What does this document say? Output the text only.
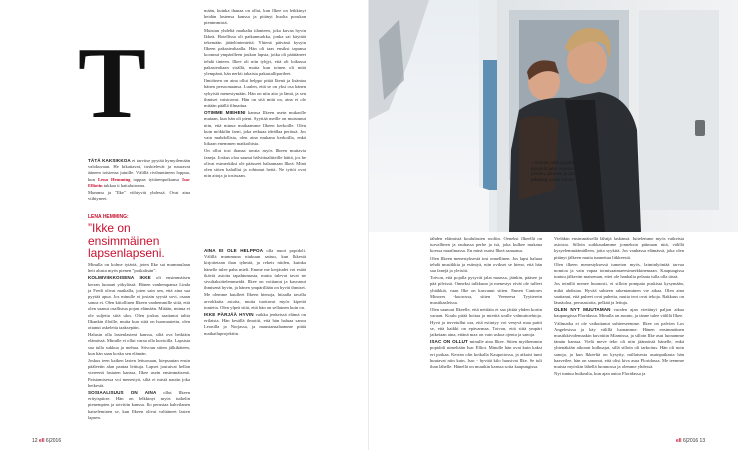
T

TÄTÄ KAKSIKKOA ei tarvitse pyytää hymyilemään valokuvaan. He kikattavat, tirskielevät ja nauravat ääneen toisiensa jutuille. Välillä rivihuntineen loppua, kun Lena Hemming tappaa tyttärenpoikansa Isac Elliotin tukkaa ti kaitaluiroma.

Mummu ja "Ilke" viihtyvät yhdessä. Ovat aina viihtyneet.

LENA HEMMING:
”Ikke on ensimmäinen lapsenlapseni.

Minulla on kolme tytärtä, joten Ilke sai mummulaan heti alusta myös pienen ”poikalisän”.

KOLMIVIIKKOISENA IKKE oli ensimmäisen kerran luonani yökylässä. Hänen vanhempansa Linda ja Fredi olivat matkalla, joten sain sen, että aina saa pyytää apua. Jos minulle ei jostain syystä sovi, osaan sanoa ei. Olen kiitollinen Ilkeen vanhemmille siitä, että olen saanut osallistua pojan elämään. Mitään, minua ei ole suljettu siitä ulos. Olen joskus saattanut taltta Ilkankin illoille, mutta kun siitä on huomautettu, olen ottanut askeleita taaksepäin.

Halusin olla lastenlasteni kanssa, siltä ova hetkiäin elämässä. Minulle ei ollut varaa olla kuvioilla. Lapsista saa tulla sukkua ja mehua. Siivoan sitten jälkikäteen, kun hän saan koska sen elämän.

Joskus teen kaiken lasten lettuosaan, kiepsautan ensin pääleetin alan pantaa letttuja. Lapset joutuivat hellan viereenti lastaten kanssa, Ilkee usein ensimmäisenä. Paistamisessa voi menestyä, siltä ei mistä nautin joka hetkestä.

SOSIAALISUUS ON AINA ollut Ilkeen erityispiirre. Hän on lelkkinyt myös tutkelin pienempien ja toivitiin kanssa. Ilo perustaa kahvilanen katseleminen se, kun Ilkeen olivat valttäneet lasten lapsen.

mään, kuinka ihanaa on ollut, kun Ilkee on leikkinyt heidän lastensa kanssa ja pitänyt huolta porukan pienimmistä.

Muistan yhdeltä matkalta tilanteen, joka kuvaa hyvin Ikkeä. Hotellissa oli paikannurkka, jonka sai käyttää tekemään jäätelöntenteitä. Yhtenä päivänä kysyin Ilkeen pakastealtaalla. Hän oli taas ensiksi tapansa koonnut ympärilleen joukon lapsia, jotka oli päättäneet tehdä tinteen. Ilkee oli niin tyhjyt, että oli loikussa pakastealtaan sisällä, mutta kun toinen oli mitä ylempänä, hän nerkii takaista pakastalliparileet.

Ilmiöinen on aina ollut helppo pitää Ikenä ja lisäntaa hänen persoonaansa. Luulen, että se on yksi osa hänen sykyisiä menestymään. Hän on niin aito ja lämä, ja sen ihmiset vaistoavat. Hän on sitä mitä on, aina ei ole mitään päällä filmattua.

OTIMME MIEHENI kanssa Ilkeen usein mukaolle mutaan, kun hän oli pieni. Syyttää meille on muistunut niin, että minua matkaamme Ilkeen kerkoille. Olen kuin mökkilin farni, joka retkuaa ideällaa perässä. Jos vain mahdollista, olen aina mukana kerkoilla, enkä liikaan enemmen matkoihista.

On ollut tosi ihanaa tavata myös Ilkeen muitavia faneja. Joskus oloa saanut hälvittualitteille hättä, jos he olivat esimerkiksi ole päässeet halaamaan Ilkeä. Minä olen sitten halaillut ja rohtunut heitä. Ne tyttöt ovat niin aitoja ja tosissaan.

AINA EI OLE HELPPOA olla nuori popidoli. Välillä mummuna niukuun sattuu, kun Ikkestä kirjoitetaan ihan tyhmiä, ja rekeis niiden, kuinka hänelle tulee paha mieli. Emme me kerjäudet voi estää ikäviä asioita tapahtumasta, mutta tulevat tavat ne sivultaksittelemmeidä. Ilkee on voittanut ja kasvanut ihmisenä hyvin, ja hänen ympärillään on hyvät ihmiset.

Me olemme kuulleet Ilkeen hienoja, hitaalla tavalla arvokkaita asioita, mutta tuottavat myös kipeitä tunteita. Olen ylpeä siitä, että hän on sellainen kuin on.

IKKE PÄRJÄÄ HYVIN vaikka jenkeissä elämä on erilaista. Hän kesällä ilmoitti, että hän haluaa sanoa Leonilla ja Norjassa, ja maustansalaamme pitää matkailuprojektiin.

12 ell 6|2016
– Toivon, että pojalla pysyvät jalat maassa, jäinkin, pääsee ja pää pilvissä, Lena sanoo.

tähden eläimistä koululasten rooliin. Oeneksi Ilkeellä on turvallinen ja rauhassa perhe ja isä, joka kulkee mukana koessa maailmassa. En minä osaisi Ilkeä sanaansa.

Olen Ilkeen menestyksestä tosi onnellinen. Jos lapsi haluaa tehdä musiikkia ja esiintyä, niin ovikset se hieno, että hän saa fanejä ja yleisöä.

Toivon, että pojalla pysyvät jalat maassa, jäinkin, pääsee ja pää pilvissä. Onneksi tulkkuun ja menestys eivät ole tulleet yhtäkkiä, vaan Ilke on kasvanut sitten. Ennen Cantores Minores -kuorossa, sitten Veeneesa Tyytterein musiikaaleissa.

Olen saanout Ilkeelle, että nettiäin et saa jättää yhden kortin varaan. Koulu pitää hoitaa ja mietitä uralle valmuttoehtoja. Hyvä ja tervetullut ura, että esiintyy voi venyvä maa paitti se, että kaikki on epävarmaa. Toivon, että siitä ympäri jatketaan aina, ettänä max on vain uskoa ojenta ja sanoja.

ISAC ON OLLUT minulle aina Ilkee. Sitten myöhemmin popidoli nimeltään Isac Elliot. Minulle hän ovat kuin kaksi eri poikaa. Kerran olin kotkalla Kaupotiossa, ja aikaisi tunti huutavat niin kuin, Isac - hyvtää kilo huusivat Ilke. Se tuli ihan lähelle. Hänellä on muutkin kanssa soita kaupungissa.

Vieläkin ensimmäisellä lähtijä laskänsä. Iuttelemme myös vaikeista asioista. Silloin suikkaudamme jonneksin päimaan nitä, välillä kysyelemmäämälleen, jotta syykitä. Jos vanhassa elämässä, joka olen pitänyt jälkeen mutta tunnettua liikkeestä.

Olen ilkeen menestyksessä tumeton myös, laiminlyöntää tarvaa nomioa ja vain vapaa toimisaaimaeesimerkkinemaan. Kaupungissa tuntuu jälkevän maiseman, ettei ole hankalia pelaata tulla olla tässä.

Jos teinillä menee huonosti, ei silloin pompata puskista kysymään, mikä ahdistaa. Hyvää suhteen rakentaminen vie aikaa. Olen aina saattanut, että puheet ovat puhetta, mutta teot ovat tekoja. Rakkaus on läsnäoloa, perusasioita, pelkää ja lettuja.

OLEN NYT MUUTAMAN vuoden ajan viettänyt paljon aikaa kaupungissa Floridassa. Minulla on asunto, ja tänne tulee välillä Ilkee.

Välimatka ei ole vaikuttanut suhteeseemme. Ilkee on palvien Los Angelesissa ja käy välillä luonamme. Hänen ensimmäinen musiikkividemaakin kuvattiin Miamissa, ja silloin Ilke asui luonamme tämän kanssa. Vielä meve teko oli niin jäännöstä hänelle, enkä yhtenäkään aikonut kulkuajat, sillä silloin oli tarkoitus. Hän oli noin sanoja, ja kun Ikkeeltä on kysytty, millaisesta asuinpaikasta hän haaveilee, hän on sanonut, että olisi kiva asua Floridassa. Me teemme muista myöskin lähellä luonnossa ja olemme yhdessä.

Nyt tuntuu huikealta, kun ajan autoa Floridassa ja

ell 6|2016 13
